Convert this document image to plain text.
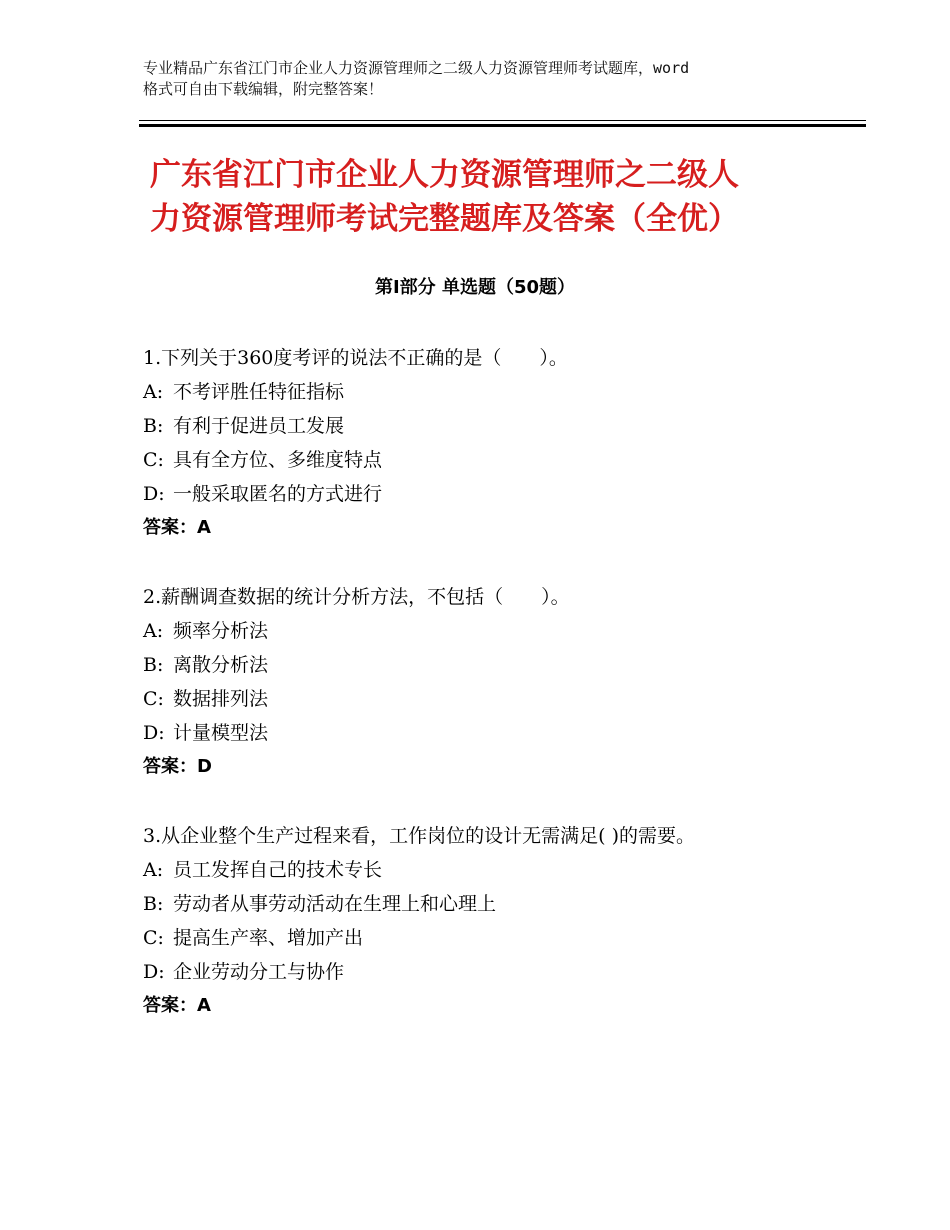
专业精品广东省江门市企业人力资源管理师之二级人力资源管理师考试题库，word
格式可自由下载编辑，附完整答案！
广东省江门市企业人力资源管理师之二级人
力资源管理师考试完整题库及答案（全优）
第Ⅰ部分 单选题（50题）
1.下列关于360度考评的说法不正确的是（　　）。
A: 不考评胜任特征指标
B: 有利于促进员工发展
C: 具有全方位、多维度特点
D: 一般采取匿名的方式进行
答案：A
2.薪酬调查数据的统计分析方法，不包括（　　）。
A: 频率分析法
B: 离散分析法
C: 数据排列法
D: 计量模型法
答案：D
3.从企业整个生产过程来看，工作岗位的设计无需满足( )的需要。
A: 员工发挥自己的技术专长
B: 劳动者从事劳动活动在生理上和心理上
C: 提高生产率、增加产出
D: 企业劳动分工与协作
答案：A
